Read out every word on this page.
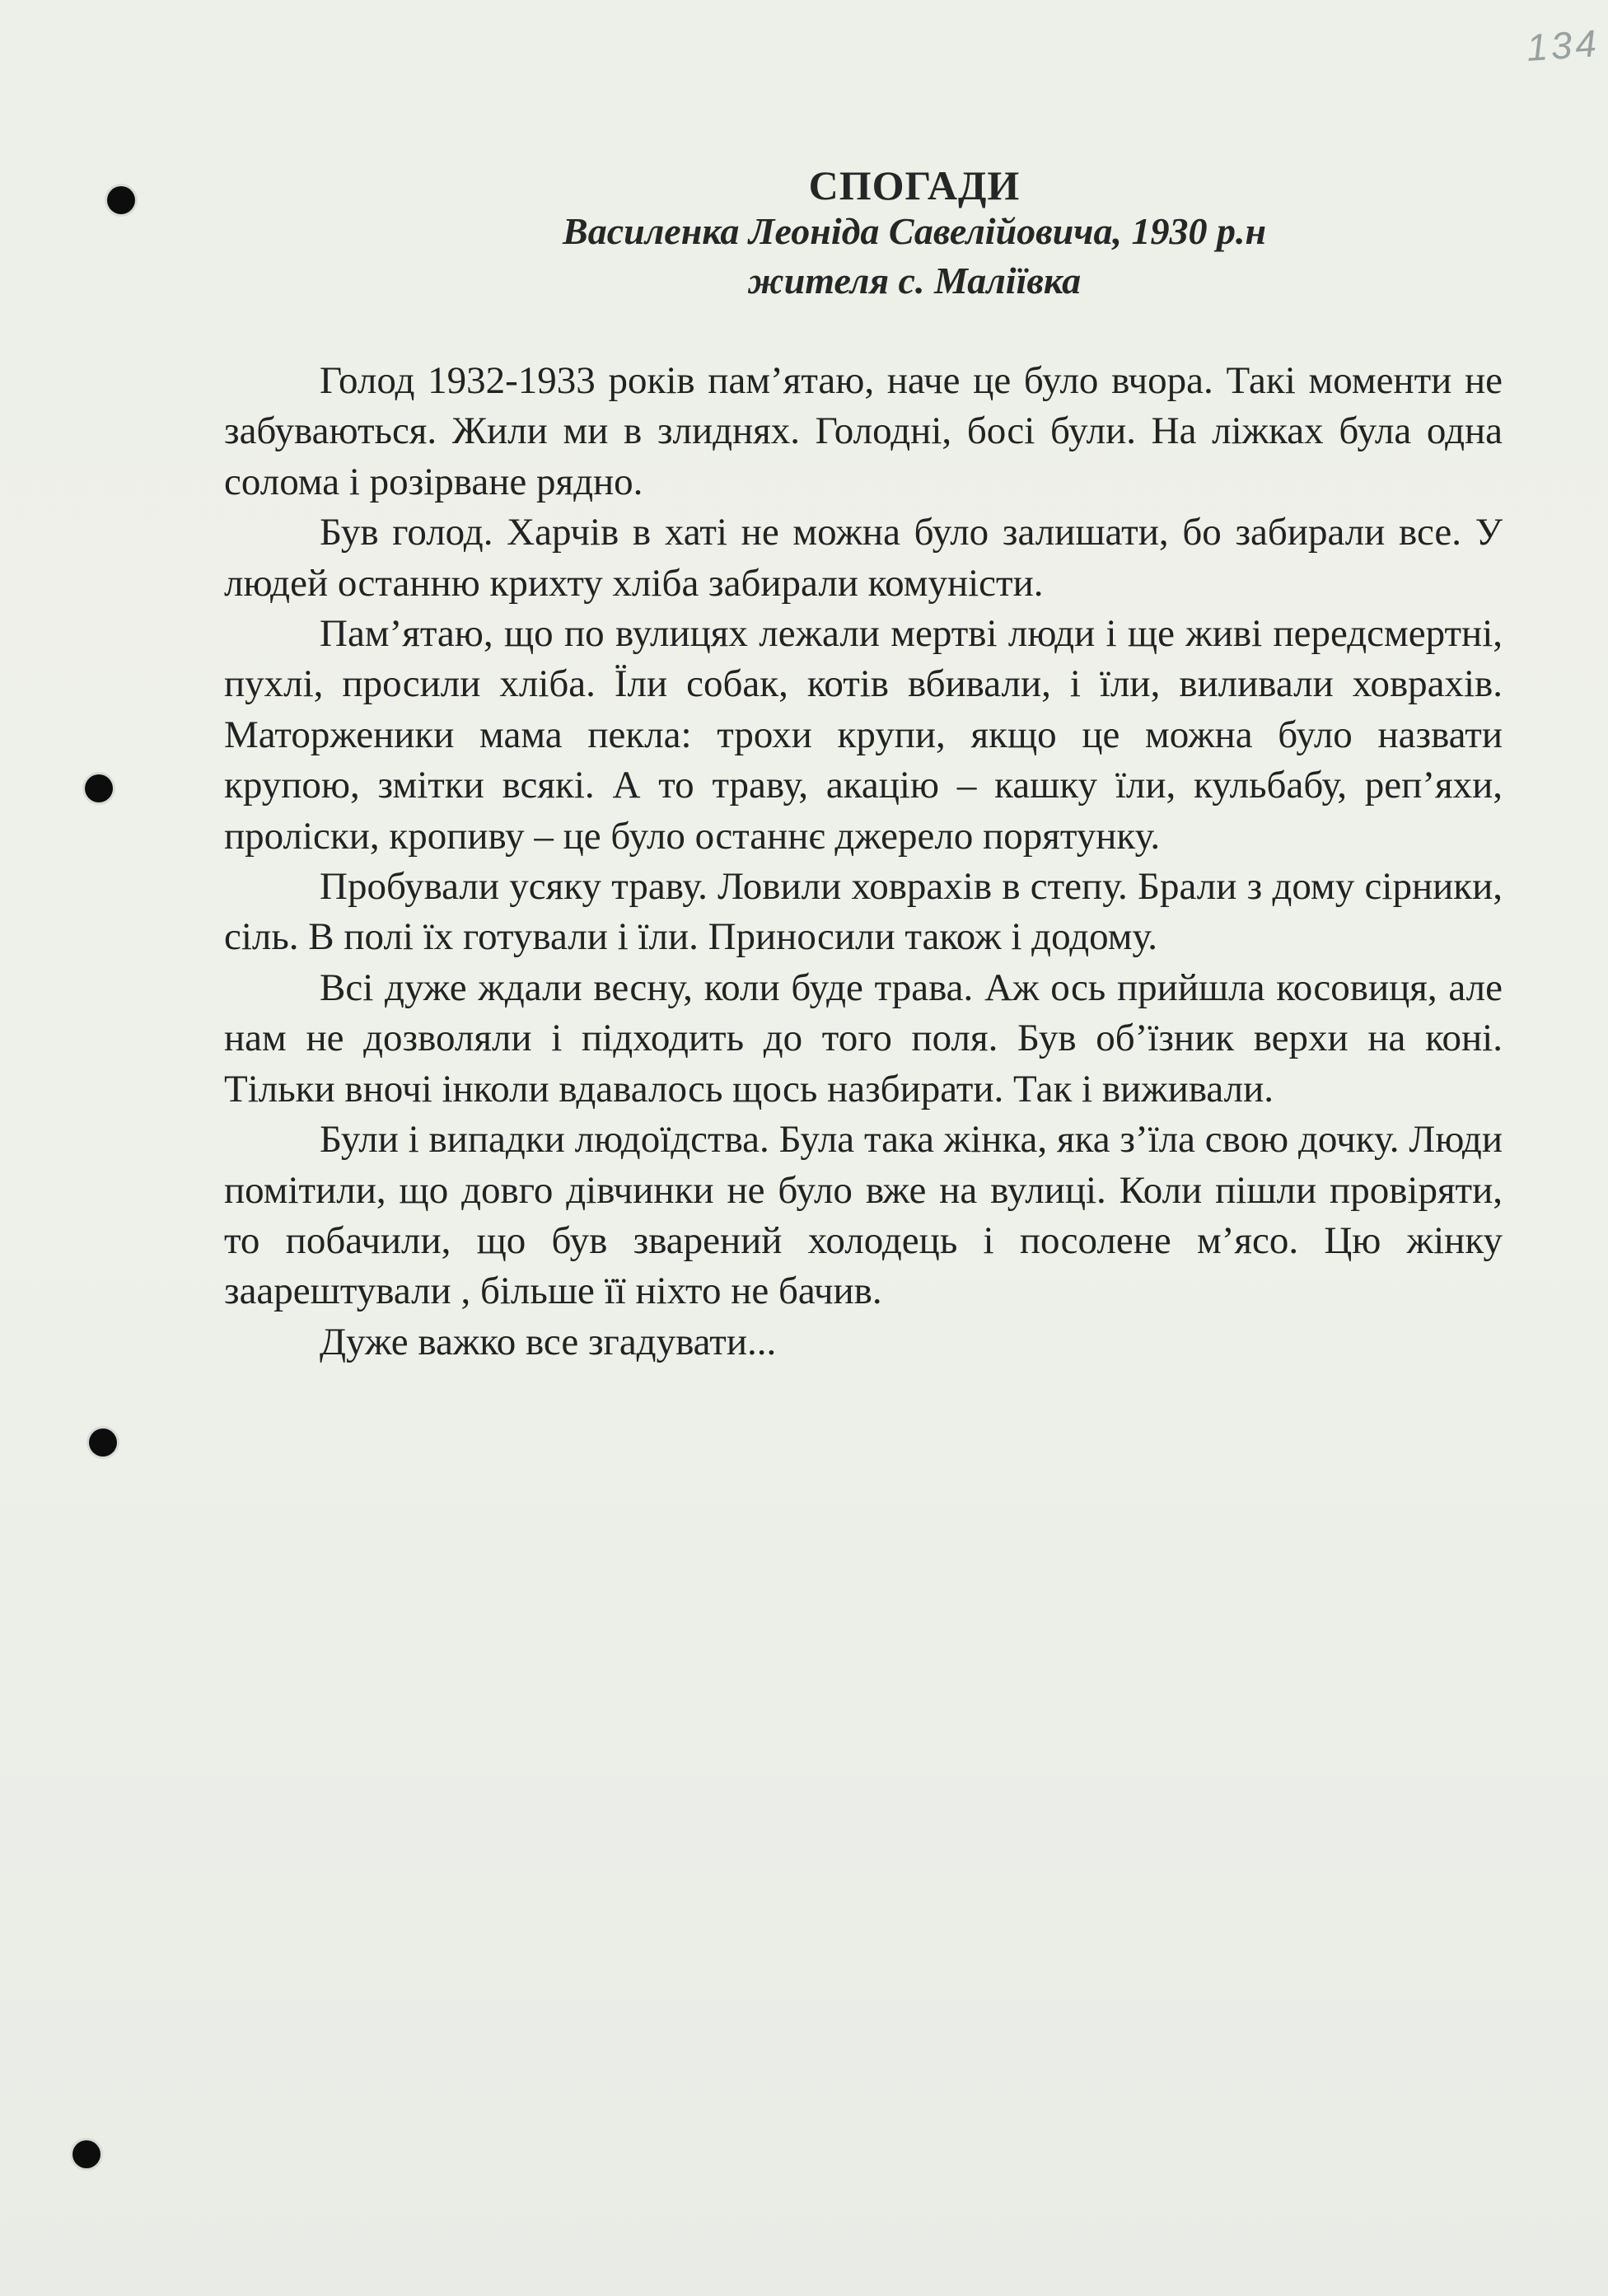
134
СПОГАДИ
Василенка Леоніда Савелійовича, 1930 р.н
жителя с. Маліївка

Голод 1932-1933 років пам’ятаю, наче це було вчора. Такі моменти не забуваються. Жили ми в злиднях. Голодні, босі були. На ліжках була одна солома і розірване рядно.

Був голод. Харчів в хаті не можна було залишати, бо забирали все. У людей останню крихту хліба забирали комуністи.

Пам’ятаю, що по вулицях лежали мертві люди і ще живі передсмертні, пухлі, просили хліба. Їли собак, котів вбивали, і їли, виливали ховрахів. Маторженики мама пекла: трохи крупи, якщо це можна було назвати крупою, змітки всякі. А то траву, акацію – кашку їли, кульбабу, реп’яхи, проліски, кропиву – це було останнє джерело порятунку.

Пробували усяку траву. Ловили ховрахів в степу. Брали з дому сірники, сіль. В полі їх готували і їли. Приносили також і додому.

Всі дуже ждали весну, коли буде трава. Аж ось прийшла косовиця, але нам не дозволяли і підходить до того поля. Був об’їзник верхи на коні. Тільки вночі інколи вдавалось щось назбирати. Так і виживали.

Були і випадки людоїдства. Була така жінка, яка з’їла свою дочку. Люди помітили, що довго дівчинки не було вже на вулиці. Коли пішли провіряти, то побачили, що був зварений холодець і посолене м’ясо. Цю жінку заарештували , більше її ніхто не бачив.

Дуже важко все згадувати...
